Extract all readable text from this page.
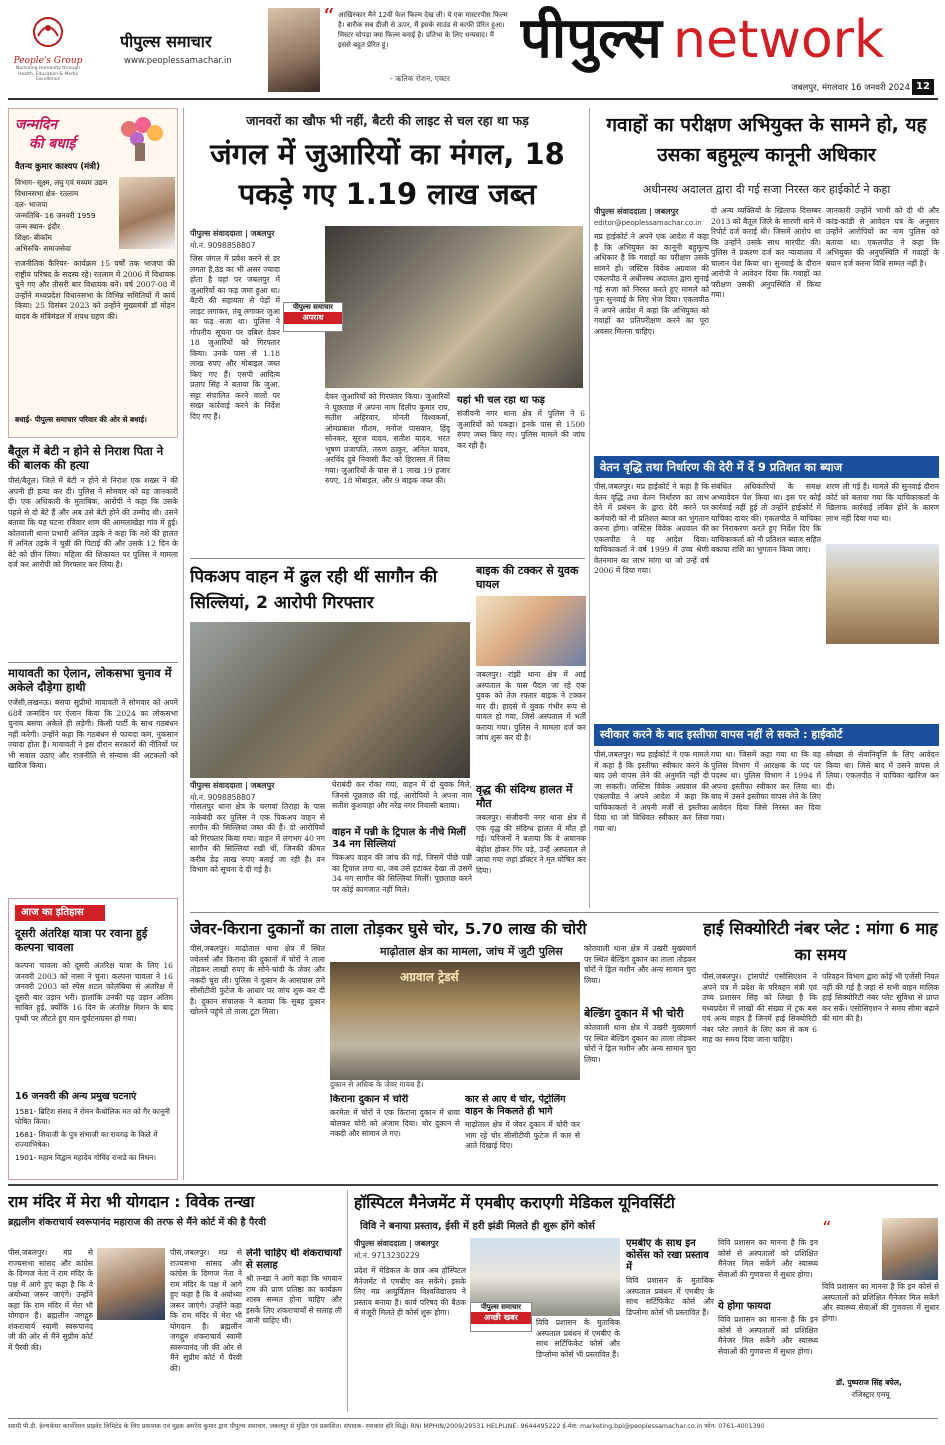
People's Group
Nurturing Humanity through Health, Education & Media Excellence
पीपुल्स समाचार
www.peoplessamachar.in
“ आखिरकार मैंने 12वीं फेल फिल्म देख ली। ये एक मास्टरपीस फिल्म है। बारीक सब डीजी से ऊपर, मैं इसके साउंड से काफी प्रेरित हुआ। मिस्टर चोपड़ा क्या फिल्म बनाई है। प्रतिभा के लिए धन्यवाद। मैं इससे बहुत प्रेरित हूं।
- ऋतिक रोशन, एक्टर
पीपुल्स network
जबलपुर, मंगलवार 16 जनवरी 2024 12
जन्मदिन
की बधाई
वैतन्य कुमार काश्यप (मंत्री)
विभाग- सूक्ष्म, लघु एवं मध्यम उद्यम
विधानसभा क्षेत्र- रतलाम
दल- भाजपा
जन्मतिथि- 16 जनवरी 1959
जन्म स्थान- इंदौर
शिक्षा- बीकॉम
अभिरुचि- समाजसेवा
राजनीतिक कैरियर- कार्यक्रम 15 वर्षों तक भाजपा की राष्ट्रीय परिषद के सदस्य रहे। रतलाम में 2006 में विधायक चुने गए और तीसरी बार विधायक बने। वर्ष 2007-08 में उन्होंने मध्यप्रदेश विधानसभा के विभिन्न समितियों में कार्य किया। 25 दिसंबर 2023 को उन्होंने मुख्यमंत्री डॉ मोहन यादव के मंत्रिमंडल में शपथ ग्रहण की।
बधाई- पीपुल्स समाचार परिवार की ओर से बधाई।
बैतूल में बेटी न होने से निराश पिता ने की बालक की हत्या
पीसं/बैतूल। जिले में बेटी न होने से निराश एक शख्स ने की अपनी ही हत्या कर दी। पुलिस ने सोमवार को यह जानकारी दी। एक अधिकारी के मुताबिक, आरोपी ने कहा कि उसके पहले से दो बेटे हैं और अब उसे बेटी होने की उम्मीद थी। उसने बताया कि यह घटना रविवार शाम की आमलाखेड़ा गांव में हुई। कोतवाली थाना प्रभारी अनिल उइके ने कहा कि नशे की हालत में अनिल उइके ने चुन्नी की पिटाई की और उसके 12 दिन के बेटे को छीन लिया। महिला की शिकायत पर पुलिस ने मामला दर्ज कर आरोपी को गिरफ्तार कर लिया है।
मायावती का ऐलान, लोकसभा चुनाव में अकेले दौड़ेगा हाथी
एजेंसी,लखनऊ। बसपा सुप्रीमो मायावती ने सोमवार को अपने 68वें जन्मदिन पर ऐलान किया कि 2024 का लोकसभा चुनाव बसपा अकेले ही लड़ेगी। किसी पार्टी के साथ गठबंधन नहीं करेगी। उन्होंने कहा कि गठबंधन से फायदा कम, नुकसान ज्यादा होता है। मायावती ने इस दौरान सरकारों की नीतियों पर भी सवाल उठाए और राजनीति से संन्यास की अटकलों को खारिज किया।
आज का इतिहास
दूसरी अंतरिक्ष यात्रा पर रवाना हुई कल्पना चावला
कल्पना चावला को दूसरी अंतरिक्ष यात्रा के लिए 16 जनवरी 2003 को नासा ने चुना। कल्पना चावला ने 16 जनवरी 2003 को स्पेस शटल कोलंबिया से अंतरिक्ष में दूसरी बार उड़ान भरी। हालांकि उनकी यह उड़ान अंतिम साबित हुई, क्योंकि 16 दिन के अंतरिक्ष मिशन के बाद पृथ्वी पर लौटते हुए यान दुर्घटनाग्रस्त हो गया।
16 जनवरी की अन्य प्रमुख घटनाएं
1581- ब्रिटिश संसद ने रोमन कैथोलिक मत को गैर कानूनी घोषित किया।
1681- शिवाजी के पुत्र संभाजी का रायगढ़ के किले में राज्याभिषेक।
1901- महान विद्वान महादेव गोविंद रानाडे का निधन।
जानवरों का खौफ भी नहीं, बैटरी की लाइट से चल रहा था फड़
जंगल में जुआरियों का मंगल, 18 पकड़े गए 1.19 लाख जब्त
पीपुल्स संवाददाता | जबलपुर
मो.नं. 9098858807
पीपुल्स समाचार
अपराध
जिस जंगल में प्रवेश करने से डर लगता है,ठंड का भी असर ज्यादा होता है वहां पर जबलपुर में जुआरियों का फड़ जमा हुआ था। बैटरी की सहायता से पेड़ों में लाइट लगाकर, तंबू लगाकर जुआ का फड़ सजा था। पुलिस ने गोपनीय सूचना पर दबिश देकर 18 जुआरियों को गिरफ्तार किया। उनके पास से 1.18 लाख रुपए और मोबाइल जब्त किए गए हैं। एसपी आदित्य प्रताप सिंह ने बताया कि जुआ, सट्टा संचालित करने वालों पर सख्त कार्रवाई करने के निर्देश दिए गए हैं।
देकर जुआरियों को गिरफ्तार किया। जुआरियों ने पूछताछ में अपना नाम दिलीप कुमार राय, सतीश अहिरवार, मोनती विश्वकर्मा, ओमप्रकाश गौतम, मनोज पासवान, हिंदू सोनकर, सूरज यादव, सतीश यादव, भरत भूषण प्रजापति, तरुण ठाकुर, अनिल यादव, अरविंद दुबे निवासी कैंट को हिरासत में लिया गया। जुआरियों के पास से 1 लाख 19 हजार रुपए, 18 मोबाइल, और 9 बाइक जब्त की।
यहां भी चल रहा था फड़
संजीवनी नगर थाना क्षेत्र में पुलिस ने 6 जुआरियों को पकड़ा। इनके पास से 1500 रुपए जब्त किए गए। पुलिस मामले की जांच कर रही है।
पिकअप वाहन में ढुल रही थीं सागौन की सिल्लियां, 2 आरोपी गिरफ्तार
पीपुल्स संवाददाता | जबलपुर
मो.नं. 9098858807
गोसलपुर थाना क्षेत्र के चरगवां तिराहा के पास नाकेबंदी कर पुलिस ने एक पिकअप वाहन से सागौन की सिल्लियां जब्त की हैं। दो आरोपियों को गिरफ्तार किया गया। वाहन में लगभग 40 नग सागौन की सिल्लियां रखी थीं, जिनकी कीमत करीब डेढ़ लाख रुपए बताई जा रही है। वन विभाग को सूचना दे दी गई है।
घेराबंदी कर रोका गया, वाहन में दो युवक मिले, जिनसे पूछताछ की गई, आरोपियों ने अपना नाम सतीश कुशवाहा और नरेंद्र नगर निवासी बताया।
वाहन में पन्नी के ट्रिपाल के नीचे मिलीं 34 नग सिल्लियां
पिकअप वाहन की जांच की गई, जिसमें पीछे पन्नी का ट्रिपाल लगा था, जब उसे हटाकर देखा तो उसमें 34 नग सागौन की सिल्लियां मिलीं। पूछताछ करने पर कोई कागजात नहीं मिले।
बाइक की टक्कर से युवक घायल
जबलपुर। रांझी थाना क्षेत्र में आई अस्पताल के पास पैदल जा रहे एक युवक को तेज रफ्तार बाइक ने टक्कर मार दी। हादसे में युवक गंभीर रूप से घायल हो गया, जिसे अस्पताल में भर्ती कराया गया। पुलिस ने मामला दर्ज कर जांच शुरू कर दी है।
वृद्ध की संदिग्ध हालत में मौत
जबलपुर। संजीवनी नगर थाना क्षेत्र में एक वृद्ध की संदिग्ध हालत में मौत हो गई। परिजनों ने बताया कि वे अचानक बेहोश होकर गिर पड़े, उन्हें अस्पताल ले जाया गया जहां डॉक्टर ने मृत घोषित कर दिया।
गवाहों का परीक्षण अभियुक्त के सामने हो, यह उसका बहुमूल्य कानूनी अधिकार
अधीनस्थ अदालत द्वारा दी गई सजा निरस्त कर हाईकोर्ट ने कहा
पीपुल्स संवाददाता | जबलपुर
editor@peoplessamachar.co.in
मप्र हाईकोर्ट ने अपने एक आदेश में कहा है कि अभियुक्त का कानूनी बहुमूल्य अधिकार है कि गवाहों का परीक्षण उसके सामने हो। जस्टिस विवेक अग्रवाल की एकलपीठ ने अधीनस्थ अदालत द्वारा सुनाई गई सजा को निरस्त करते हुए मामले को पुनः सुनवाई के लिए भेज दिया। एकलपीठ ने अपने आदेश में कहा कि अभियुक्त को गवाहों का प्रतिपरीक्षण करने का पूरा अवसर मिलना चाहिए।
दो अन्य व्यक्तियों के खिलाफ दिसम्बर 2013 को बैतूल जिले के सारणी थाने में रिपोर्ट दर्ज कराई थी। जिसमें आरोप था कि उन्होंने उसके साथ मारपीट की। पुलिस ने प्रकरण दर्ज कर न्यायालय में चालान पेश किया था। सुनवाई के दौरान आरोपी ने आवेदन दिया कि गवाहों का परीक्षण उसकी अनुपस्थिति में किया गया।
जानकारी उन्होंने भाभी को दी थी और कांड-कांडी से आवेदन पत्र के अनुसार उन्होंने आरोपियों का नाम पुलिस को बताया था। एकलपीठ ने कहा कि अभियुक्त की अनुपस्थिति में गवाहों के बयान दर्ज करना विधि सम्मत नहीं है।
वेतन वृद्धि तथा निर्धारण की देरी में दें 9 प्रतिशत का ब्याज
पीसं,जबलपुर। मप्र हाईकोर्ट ने कहा है कि वेतन वृद्धि तथा वेतन निर्धारण का लाभ देने में प्रबंधन के द्वारा देरी करने पर कर्मचारी को नौ प्रतिशत ब्याज का भुगतान करना होगा। जस्टिस विवेक अग्रवाल की एकलपीठ ने यह आदेश दिया। याचिकाकर्ता ने वर्ष 1999 में उच्च श्रेणी वेतनमान का लाभ मांगा था जो उन्हें वर्ष 2006 में दिया गया।
संबंधित अधिकारियों के समक्ष अभ्यावेदन पेश किया था। इस पर कोई कार्रवाई नहीं हुई तो उन्होंने हाईकोर्ट में याचिका दायर की। एकलपीठ ने याचिका का निराकरण करते हुए निर्देश दिए कि याचिकाकर्ता को नौ प्रतिशत ब्याज सहित बकाया राशि का भुगतान किया जाए।
शरण ली गई है। मामले की सुनवाई दौरान कोर्ट को बताया गया कि याचिकाकर्ता के खिलाफ कार्रवाई लंबित होने के कारण लाभ नहीं दिया गया था।
स्वीकार करने के बाद इस्तीफा वापस नहीं ले सकते : हाईकोर्ट
पीसं,जबलपुर। मप्र हाईकोर्ट ने एक मामले में कहा है कि इस्तीफा स्वीकार करने के बाद उसे वापस लेने की अनुमति नहीं दी जा सकती। जस्टिस विवेक अग्रवाल की एकलपीठ ने अपने आदेश में कहा कि याचिकाकर्ता ने अपनी मर्जी से इस्तीफा दिया था जो विधिवत स्वीकार कर लिया गया था।
गया था। जिसमें कहा गया था कि वह पुलिस विभाग में आरक्षक के पद पर पदस्थ था। पुलिस विभाग ने 1994 में अपना इस्तीफा स्वीकार कर लिया था। बाद में उसने इस्तीफा वापस लेने के लिए आवेदन दिया जिसे निरस्त कर दिया गया।
स्वेच्छा से सेवानिवृत्ति के लिए आवेदन किया था। जिसे बाद में उसने वापस ले लिया। एकलपीठ ने याचिका खारिज कर दी।
जेवर-किराना दुकानों का ताला तोड़कर घुसे चोर, 5.70 लाख की चोरी
माढ़ोताल क्षेत्र का मामला, जांच में जुटी पुलिस
पीसं,जबलपुर। माढ़ोताल थाना क्षेत्र में स्थित ज्वेलर्स और किराना की दुकानों में चोरों ने ताला तोड़कर लाखों रुपए के सोने-चांदी के जेवर और नकदी चुरा ली। पुलिस ने दुकान के आसपास लगे सीसीटीवी फुटेज के आधार पर जांच शुरू कर दी है। दुकान संचालक ने बताया कि सुबह दुकान खोलने पहुंचे तो ताला टूटा मिला।
अग्रवाल ट्रेडर्स
दुकान से अधिक के जेवर गायब है।
किराना दुकान में चोरी
करमेता में चोरों ने एक किराना दुकान में धावा बोलकर चोरी को अंजाम दिया। चोर दुकान से नकदी और सामान ले गए।
कार से आए थे चोर, पेट्रोलिंग वाहन के निकलते ही भागे
माढ़ोताल क्षेत्र में जेवर दुकान में चोरी कर भाग रहे चोर सीसीटीवी फुटेज में कार से आते दिखाई दिए।
कोतवाली थाना क्षेत्र में उखरी मुख्यमार्ग पर स्थित बेल्डिंग दुकान का ताला तोड़कर चोरों ने ड्रिल मशीन और अन्य सामान चुरा लिया।
बेल्डिंग दुकान में भी चोरी
कोतवाली थाना क्षेत्र में उखरी मुख्यमार्ग पर स्थित बेल्डिंग दुकान का ताला तोड़कर चोरों ने ड्रिल मशीन और अन्य सामान चुरा लिया।
हाई सिक्योरिटी नंबर प्लेट : मांगा 6 माह का समय
पीसं,जबलपुर। ट्रांसपोर्ट एसोसिएशन ने अपने पत्र में प्रदेश के परिवहन मंत्री एवं उच्च प्रशासन सिंह को लिखा है कि मध्यप्रदेश में लाखों की संख्या में ट्रक बस एवं अन्य वाहन हैं जिनमें हाई सिक्योरिटी नंबर प्लेट लगाने के लिए कम से कम 6 माह का समय दिया जाना चाहिए।
परिवहन विभाग द्वारा कोई भी एजेंसी नियत नहीं की गई है जहां से सभी वाहन मालिक हाई सिक्योरिटी नंबर प्लेट सुविधा से प्राप्त कर सकें। एसोसिएशन ने समय सीमा बढ़ाने की मांग की है।
राम मंदिर में मेरा भी योगदान : विवेक तन्खा
ब्रह्मलीन शंकराचार्य स्वरूपानंद महाराज की तरफ से मैंने कोर्ट में की है पैरवी
पीसं,जबलपुर। मप्र से राज्यसभा सांसद और कांग्रेस के दिग्गज नेता ने राम मंदिर के पक्ष में आगे हुए कहा है कि वे अयोध्या जरूर जाएंगे। उन्होंने कहा कि राम मंदिर में मेरा भी योगदान है। ब्रह्मलीन जगद्गुरु शंकराचार्य स्वामी स्वरूपानंद जी की ओर से मैंने सुप्रीम कोर्ट में पैरवी की।
पीसं,जबलपुर। मप्र से राज्यसभा सांसद और कांग्रेस के दिग्गज नेता ने राम मंदिर के पक्ष में आगे हुए कहा है कि वे अयोध्या जरूर जाएंगे। उन्होंने कहा कि राम मंदिर में मेरा भी योगदान है। ब्रह्मलीन जगद्गुरु शंकराचार्य स्वामी स्वरूपानंद जी की ओर से मैंने सुप्रीम कोर्ट में पैरवी की।
लेनी चाहिए थी शंकराचार्यों से सलाह
श्री तन्खा ने आगे कहा कि भगवान राम की प्राण प्रतिष्ठा का कार्यक्रम शास्त्र सम्मत होना चाहिए और इसके लिए शंकराचार्यों से सलाह ली जानी चाहिए थी।
हॉस्पिटल मैनेजमेंट में एमबीए कराएगी मेडिकल यूनिवर्सिटी
विवि ने बनाया प्रस्ताव, ईसी में हरी झंडी मिलते ही शुरू होंगे कोर्स
पीपुल्स संवाददाता | जबलपुर
मो.नं. 9713230229
पीपुल्स समाचार
अच्छी खबर
प्रदेश में मेडिकल के छात्र अब हॉस्पिटल मैनेजमेंट में एमबीए कर सकेंगे। इसके लिए मप्र आयुर्विज्ञान विश्वविद्यालय ने प्रस्ताव बनाया है। कार्य परिषद की बैठक में मंजूरी मिलते ही कोर्स शुरू होगा।
विवि प्रशासन के मुताबिक अस्पताल प्रबंधन में एमबीए के साथ सर्टिफिकेट कोर्स और डिप्लोमा कोर्स भी प्रस्तावित हैं।
एमबीए के साथ इन कोर्सेस को रखा प्रस्ताव में
विवि प्रशासन के मुताबिक अस्पताल प्रबंधन में एमबीए के साथ सर्टिफिकेट कोर्स और डिप्लोमा कोर्स भी प्रस्तावित हैं।
विवि प्रशासन का मानना है कि इन कोर्स से अस्पतालों को प्रशिक्षित मैनेजर मिल सकेंगे और स्वास्थ्य सेवाओं की गुणवत्ता में सुधार होगा।
ये होगा फायदा
विवि प्रशासन का मानना है कि इन कोर्स से अस्पतालों को प्रशिक्षित मैनेजर मिल सकेंगे और स्वास्थ्य सेवाओं की गुणवत्ता में सुधार होगा।
“
विवि प्रशासन का मानना है कि इन कोर्स से अस्पतालों को प्रशिक्षित मैनेजर मिल सकेंगे और स्वास्थ्य सेवाओं की गुणवत्ता में सुधार होगा।
डॉ. पुष्पराज सिंह बघेल,
रजिस्ट्रार एमयू
स्वामी पी.डी. हेल्थकेयर कार्पोरेशन प्राइवेट लिमिटेड के लिए प्रकाशक एवं मुद्रक अमरेश कुमार द्वारा पीपुल्स समाचार, जबलपुर से मुद्रित एवं प्रकाशित। संपादक- रमाकांत हरि सिद्धे। RNI MPHIN/2009/29531 HELPLINE: 9644495222 ई-मेल: marketing.bpl@peoplessamachar.co.in फोन: 0761-4001390
